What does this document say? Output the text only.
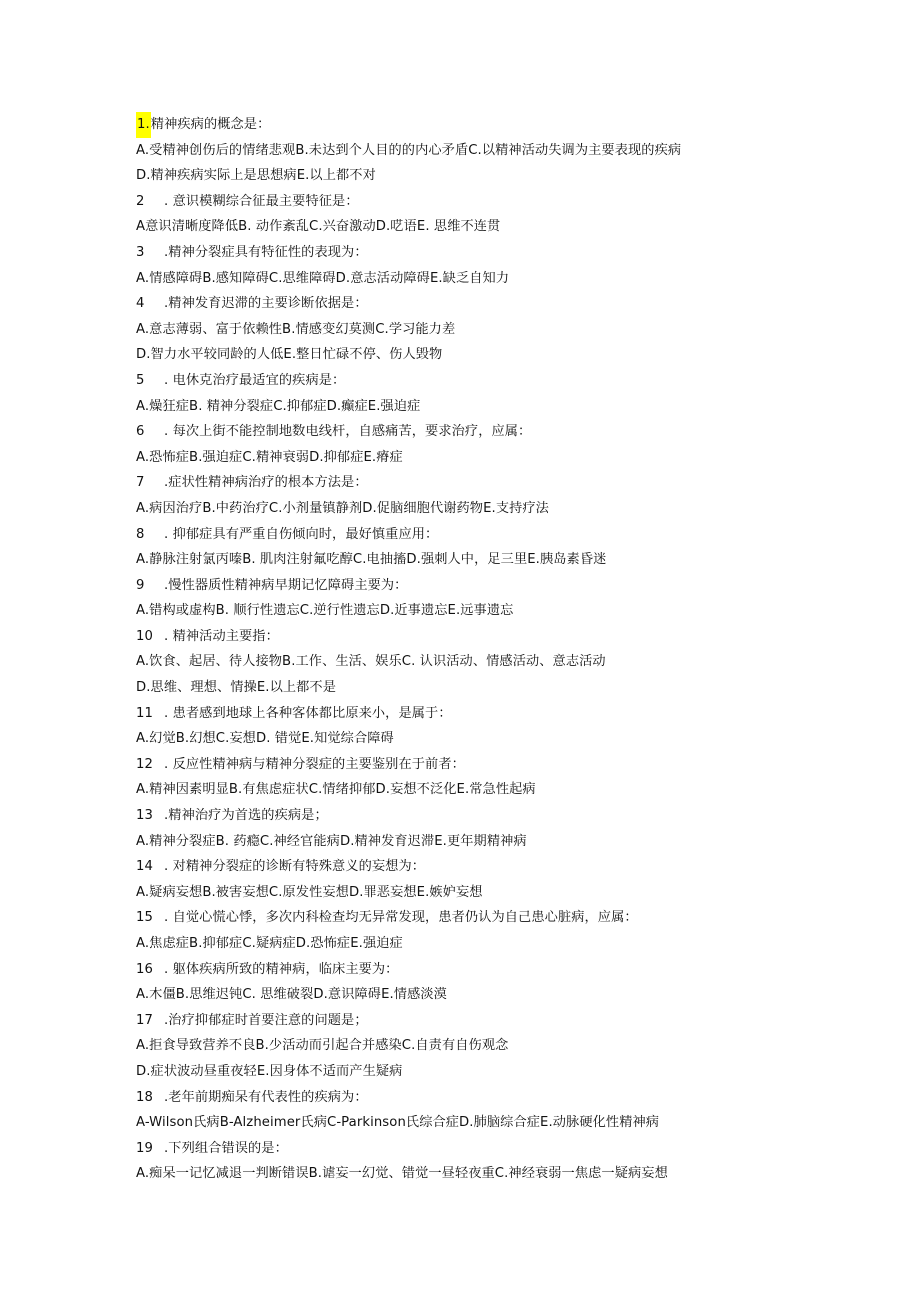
1.精神疾病的概念是：
A.受精神创伤后的情绪悲观B.未达到个人目的的内心矛盾C.以精神活动失调为主要表现的疾病
D.精神疾病实际上是思想病E.以上都不对
2 . 意识模糊综合征最主要特征是：
A意识清晰度降低B. 动作紊乱C.兴奋激动D.呓语E. 思维不连贯
3 .精神分裂症具有特征性的表现为：
A.情感障碍B.感知障碍C.思维障碍D.意志活动障碍E.缺乏自知力
4 .精神发育迟滞的主要诊断依据是：
A.意志薄弱、富于依赖性B.情感变幻莫测C.学习能力差
D.智力水平较同龄的人低E.整日忙碌不停、伤人毁物
5 . 电休克治疗最适宜的疾病是：
A.燥狂症B. 精神分裂症C.抑郁症D.癫症E.强迫症
6 . 每次上街不能控制地数电线杆，自感痛苦，要求治疗，应属：
A.恐怖症B.强迫症C.精神衰弱D.抑郁症E.瘠症
7 .症状性精神病治疗的根本方法是：
A.病因治疗B.中药治疗C.小剂量镇静剂D.促脑细胞代谢药物E.支持疗法
8 . 抑郁症具有严重自伤倾向时，最好慎重应用：
A.静脉注射氯丙嗪B. 肌肉注射氟吃醇C.电抽搐D.强刺人中，足三里E.胰岛素昏迷
9 .慢性器质性精神病早期记忆障碍主要为：
A.错构或虚构B. 顺行性遗忘C.逆行性遗忘D.近事遗忘E.远事遗忘
10 . 精神活动主要指：
A.饮食、起居、待人接物B.工作、生活、娱乐C. 认识活动、情感活动、意志活动
D.思维、理想、情操E.以上都不是
11 . 患者感到地球上各种客体都比原来小，是属于：
A.幻觉B.幻想C.妄想D. 错觉E.知觉综合障碍
12 . 反应性精神病与精神分裂症的主要鉴别在于前者：
A.精神因素明显B.有焦虑症状C.情绪抑郁D.妄想不泛化E.常急性起病
13 .精神治疗为首选的疾病是；
A.精神分裂症B. 药瘾C.神经官能病D.精神发育迟滞E.更年期精神病
14 . 对精神分裂症的诊断有特殊意义的妄想为：
A.疑病妄想B.被害妄想C.原发性妄想D.罪恶妄想E.嫉妒妄想
15 . 自觉心慌心悸，多次内科检查均无异常发现，患者仍认为自己患心脏病，应属：
A.焦虑症B.抑郁症C.疑病症D.恐怖症E.强迫症
16 . 躯体疾病所致的精神病，临床主要为：
A.木僵B.思维迟钝C. 思维破裂D.意识障碍E.情感淡漠
17 .治疗抑郁症时首要注意的问题是；
A.拒食导致营养不良B.少活动而引起合并感染C.自责有自伤观念
D.症状波动昼重夜轻E.因身体不适而产生疑病
18 .老年前期痴呆有代表性的疾病为：
A-Wilson氏病B-Alzheimer氏病C-Parkinson氏综合症D.肺脑综合症E.动脉硬化性精神病
19 .下列组合错误的是：
A.痴呆一记忆减退一判断错误B.谑妄一幻觉、错觉一昼轻夜重C.神经衰弱一焦虑一疑病妄想
